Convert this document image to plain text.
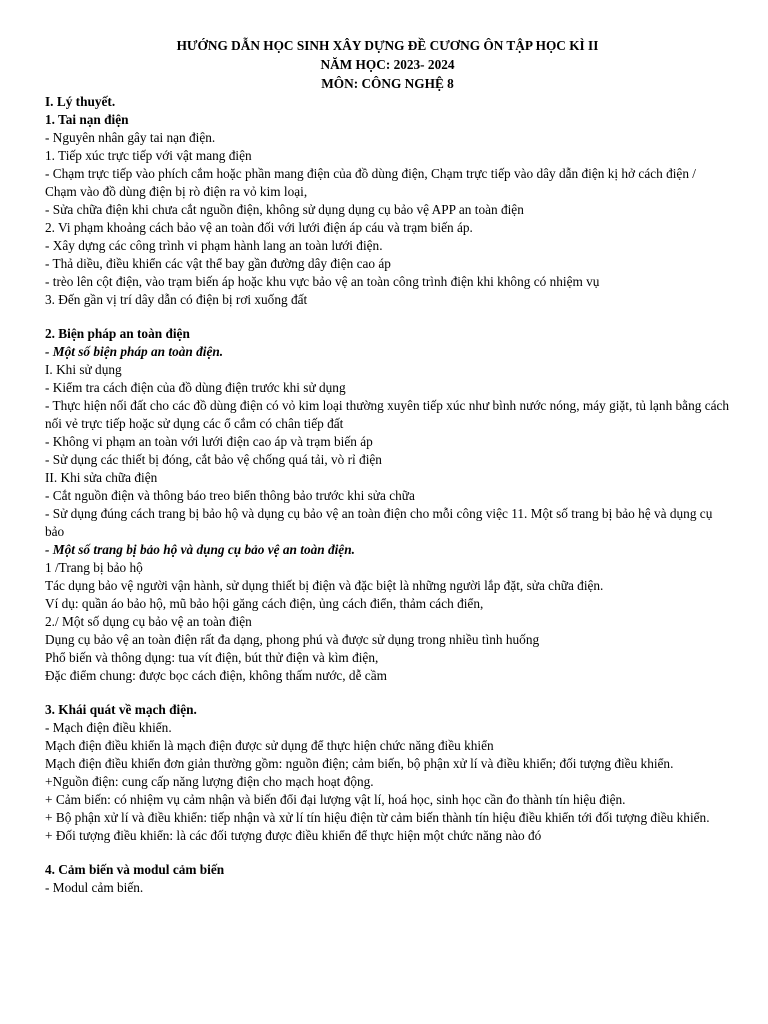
HƯỚNG DẪN HỌC SINH XÂY DỰNG ĐỀ CƯƠNG ÔN TẬP HỌC KÌ II
NĂM HỌC: 2023- 2024
MÔN: CÔNG NGHỆ 8
I. Lý thuyết.
1. Tai nạn điện
- Nguyên nhân gây tai nạn điện.
1. Tiếp xúc trực tiếp với vật mang điện
- Chạm trực tiếp vào phích cắm hoặc phần mang điện của đồ dùng điện, Chạm trực tiếp vào dây dẫn điện kị hở cách điện / Chạm vào đồ dùng điện bị rò điện ra vỏ kim loại,
- Sửa chữa điện khi chưa cắt nguồn điện, không sử dụng dụng cụ bảo vệ APP an toàn điện
2. Vi phạm khoảng cách bảo vệ an toàn đối với lưới điện áp cáu và trạm biến áp.
- Xây dựng các công trình vi phạm hành lang an toàn lưới điện.
- Thả diều, điều khiển các vật thể bay gần đường dây điện cao áp
- trèo lên cột điện, vào trạm biến áp hoặc khu vực bảo vệ an toàn công trình điện khi không có nhiệm vụ
3. Đến gần vị trí dây dẫn có điện bị rơi xuống đất
2. Biện pháp an toàn điện
- Một số biện pháp an toàn điện.
I. Khi sử dụng
- Kiểm tra cách điện của đồ dùng điện trước khi sử dụng
- Thực hiện nối đất cho các đồ dùng điện có vỏ kim loại thường xuyên tiếp xúc như bình nước nóng, máy giặt, tủ lạnh bằng cách nối vẻ trực tiếp hoặc sử dụng các ổ cắm có chân tiếp đất
- Không vi phạm an toàn với lưới điện cao áp và trạm biến áp
- Sử dụng các thiết bị đóng, cắt bảo vệ chống quá tải, vò rỉ điện
II. Khi sửa chữa điện
- Cắt nguồn điện và thông báo treo biển thông bảo trước khi sửa chữa
- Sử dụng đúng cách trang bị bảo hộ và dụng cụ bảo vệ an toàn điện cho mỗi công việc 11. Một số trang bị bảo hệ và dụng cụ bảo
- Một số trang bị bảo hộ và dụng cụ bảo vệ an toàn điện.
1 /Trang bị bảo hộ
Tác dụng bảo vệ người vận hành, sử dụng thiết bị điện và đặc biệt là những người lắp đặt, sửa chữa điện.
Ví dụ: quần áo bảo hộ, mũ bảo hội găng cách điện, ủng cách điển, thảm cách điển,
2./ Một số dụng cụ bảo vệ an toàn điện
Dụng cụ bảo vệ an toàn điện rất đa dạng, phong phú và được sử dụng trong nhiều tình huống
Phổ biến và thông dụng: tua vít điện, bút thử điện và kìm điện,
Đặc điểm chung: được bọc cách điện, không thấm nước, dễ cầm
3. Khái quát về mạch điện.
- Mạch điện điều khiển.
Mạch điện điều khiển là mạch điện được sử dụng để thực hiện chức năng điều khiển
Mạch điện điều khiển đơn giản thường gồm: nguồn điện; cảm biến, bộ phận xử lí và điều khiển; đối tượng điều khiển.
+Nguồn điện: cung cấp năng lượng điện cho mạch hoạt động.
+ Cảm biến: có nhiệm vụ cảm nhận và biến đổi đại lượng vật lí, hoá học, sinh học cần đo thành tín hiệu điện.
+ Bộ phận xử lí và điều khiển: tiếp nhận và xử lí tín hiệu điện từ cảm biến thành tín hiệu điều khiển tới đối tượng điều khiển.
+ Đối tượng điều khiển: là các đối tượng được điều khiển để thực hiện một chức năng nào đó
4. Cảm biến và modul cảm biến
- Modul cảm biến.
